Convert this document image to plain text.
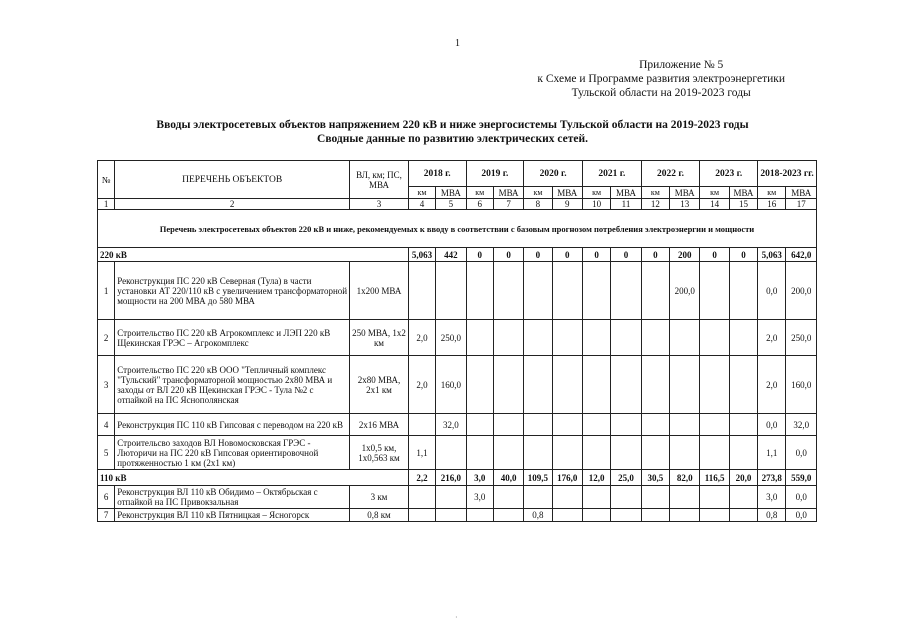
1
Приложение № 5
к Схеме и Программе развития электроэнергетики
Тульской области на 2019-2023 годы
Вводы электросетевых объектов напряжением 220 кВ и ниже энергосистемы Тульской области на 2019-2023 годы
Сводные данные по развитию электрических сетей.
№	ПЕРЕЧЕНЬ ОБЪЕКТОВ	ВЛ, км; ПС, МВА	2018 г.		2019 г.		2020 г.		2021 г.		2022 г.		2023 г.		2018-2023 гг.	
			км	МВА	км	МВА	км	МВА	км	МВА	км	МВА	км	МВА	км	МВА
1	2	3	4	5	6	7	8	9	10	11	12	13	14	15	16	17
Перечень электросетевых объектов 220 кВ и ниже, рекомендуемых к вводу в соответствии с базовым прогнозом потребления электроэнергии и мощности																
220 кВ			5,063	442	0	0	0	0	0	0	0	200	0	0	5,063	642,0
1	Реконструкция ПС 220 кВ Северная (Тула) в части установки АТ 220/110 кВ с увеличением трансформаторной мощности на 200 МВА до 580 МВА	1x200 МВА										200,0			0,0	200,0
2	Строительство ПС 220 кВ Агрокомплекс и ЛЭП 220 кВ Щекинская ГРЭС – Агрокомплекс	250 МВА, 1x2 км	2,0	250,0											2,0	250,0
3	Строительство ПС 220 кВ ООО "Тепличный комплекс "Тульский" трансформаторной мощностью 2х80 МВА и заходы от ВЛ 220 кВ Щекинская ГРЭС - Тула №2 с отпайкой на ПС Яснополянская	2x80 МВА, 2x1 км	2,0	160,0											2,0	160,0
4	Реконструкция ПС 110 кВ Гипсовая с переводом на 220 кВ	2x16 МВА		32,0											0,0	32,0
5	Строительсво заходов ВЛ Новомосковская ГРЭС - Люторичи на ПС 220 кВ Гипсовая ориентировочной протяженностью 1 км (2х1 км)	1x0,5 км, 1x0,563 км	1,1												1,1	0,0
110 кВ			2,2	216,0	3,0	40,0	109,5	176,0	12,0	25,0	30,5	82,0	116,5	20,0	273,8	559,0
6	Реконструкция ВЛ 110 кВ Обидимо – Октябрьская с отпайкой на ПС Привокзальная	3 км			3,0										3,0	0,0
7	Реконструкция ВЛ 110 кВ Пятницкая – Ясногорск	0,8 км					0,8								0,8	0,0
·
